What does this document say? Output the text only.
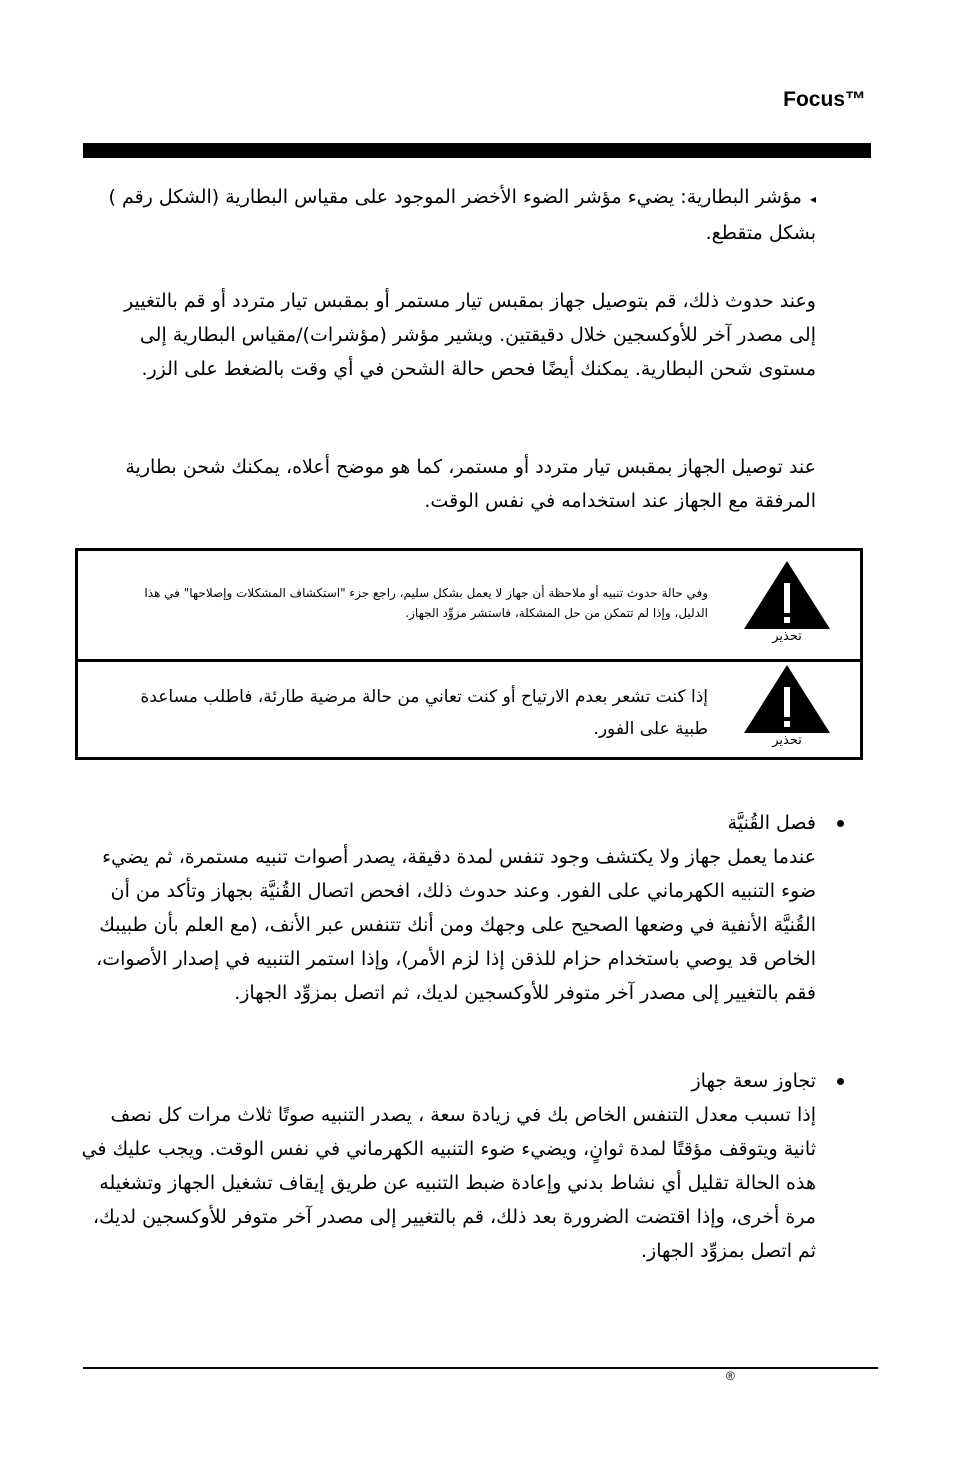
Focus™
◂مؤشر البطارية: يضيء مؤشر الضوء الأخضر الموجود على مقياس البطارية (الشكل رقم ) بشكل متقطع.
وعند حدوث ذلك، قم بتوصيل جهاز بمقبس تيار مستمر أو بمقبس تيار متردد أو قم بالتغيير إلى مصدر آخر للأوكسجين خلال دقيقتين. ويشير مؤشر (مؤشرات)/مقياس البطارية إلى مستوى شحن البطارية. يمكنك أيضًا فحص حالة الشحن في أي وقت بالضغط على الزر.
عند توصيل الجهاز بمقبس تيار متردد أو مستمر، كما هو موضح أعلاه، يمكنك شحن بطارية المرفقة مع الجهاز عند استخدامه في نفس الوقت.
تحذير
وفي حالة حدوث تنبيه أو ملاحظة أن جهاز لا يعمل بشكل سليم، راجع جزء "استكشاف المشكلات وإصلاحها" في هذا الدليل، وإذا لم تتمكن من حل المشكلة، فاستشر مزوِّد الجهاز.
تحذير
إذا كنت تشعر بعدم الارتياح أو كنت تعاني من حالة مرضية طارئة، فاطلب مساعدة طبية على الفور.
فصل القُنيَّة
عندما يعمل جهاز ولا يكتشف وجود تنفس لمدة دقيقة، يصدر أصوات تنبيه مستمرة، ثم يضيء ضوء التنبيه الكهرماني على الفور. وعند حدوث ذلك، افحص اتصال القُنيَّة بجهاز وتأكد من أن القُنيَّة الأنفية في وضعها الصحيح على وجهك ومن أنك تتنفس عبر الأنف، (مع العلم بأن طبيبك الخاص قد يوصي باستخدام حزام للذقن إذا لزم الأمر)، وإذا استمر التنبيه في إصدار الأصوات، فقم بالتغيير إلى مصدر آخر متوفر للأوكسجين لديك، ثم اتصل بمزوِّد الجهاز.
تجاوز سعة جهاز
إذا تسبب معدل التنفس الخاص بك في زيادة سعة ، يصدر التنبيه صوتًا ثلاث مرات كل نصف ثانية ويتوقف مؤقتًا لمدة ثوانٍ، ويضيء ضوء التنبيه الكهرماني في نفس الوقت. ويجب عليك في هذه الحالة تقليل أي نشاط بدني وإعادة ضبط التنبيه عن طريق إيقاف تشغيل الجهاز وتشغيله مرة أخرى، وإذا اقتضت الضرورة بعد ذلك، قم بالتغيير إلى مصدر آخر متوفر للأوكسجين لديك، ثم اتصل بمزوِّد الجهاز.
®
